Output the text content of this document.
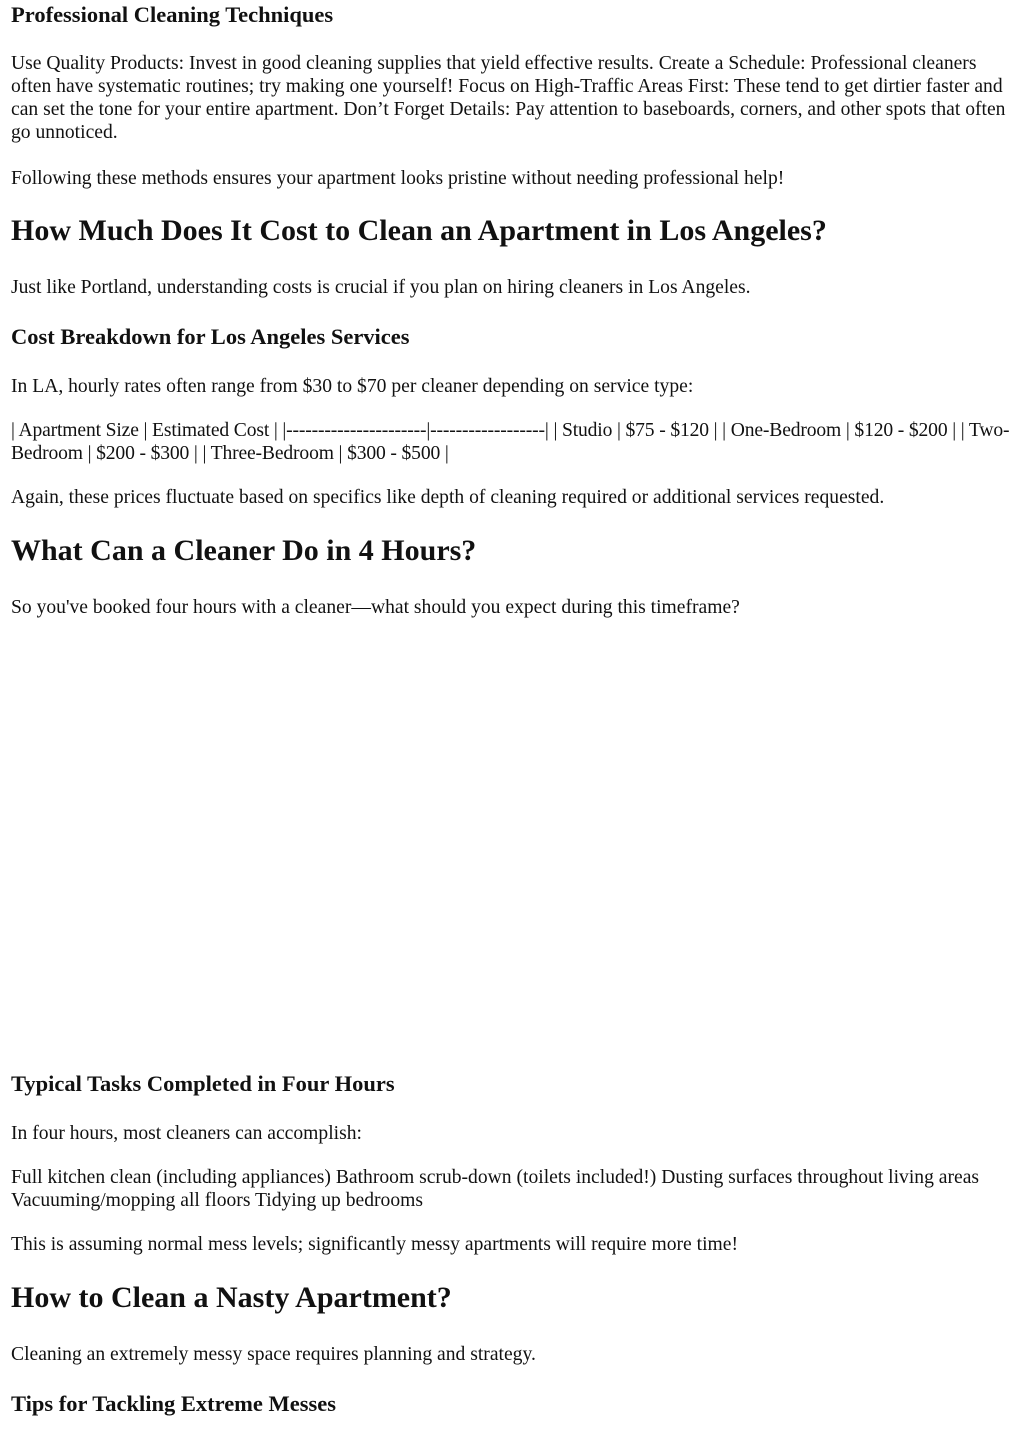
Professional Cleaning Techniques

Use Quality Products: Invest in good cleaning supplies that yield effective results. Create a Schedule: Professional cleaners often have systematic routines; try making one yourself! Focus on High-Traffic Areas First: These tend to get dirtier faster and can set the tone for your entire apartment. Don’t Forget Details: Pay attention to baseboards, corners, and other spots that often go unnoticed.

Following these methods ensures your apartment looks pristine without needing professional help!

How Much Does It Cost to Clean an Apartment in Los Angeles?

Just like Portland, understanding costs is crucial if you plan on hiring cleaners in Los Angeles.

Cost Breakdown for Los Angeles Services

In LA, hourly rates often range from $30 to $70 per cleaner depending on service type:

| Apartment Size | Estimated Cost | |----------------------|------------------| | Studio | $75 - $120 | | One-Bedroom | $120 - $200 | | Two-Bedroom | $200 - $300 | | Three-Bedroom | $300 - $500 |

Again, these prices fluctuate based on specifics like depth of cleaning required or additional services requested.

What Can a Cleaner Do in 4 Hours?

So you've booked four hours with a cleaner—what should you expect during this timeframe?

Typical Tasks Completed in Four Hours

In four hours, most cleaners can accomplish:

Full kitchen clean (including appliances) Bathroom scrub-down (toilets included!) Dusting surfaces throughout living areas Vacuuming/mopping all floors Tidying up bedrooms

This is assuming normal mess levels; significantly messy apartments will require more time!

How to Clean a Nasty Apartment?

Cleaning an extremely messy space requires planning and strategy.

Tips for Tackling Extreme Messes
